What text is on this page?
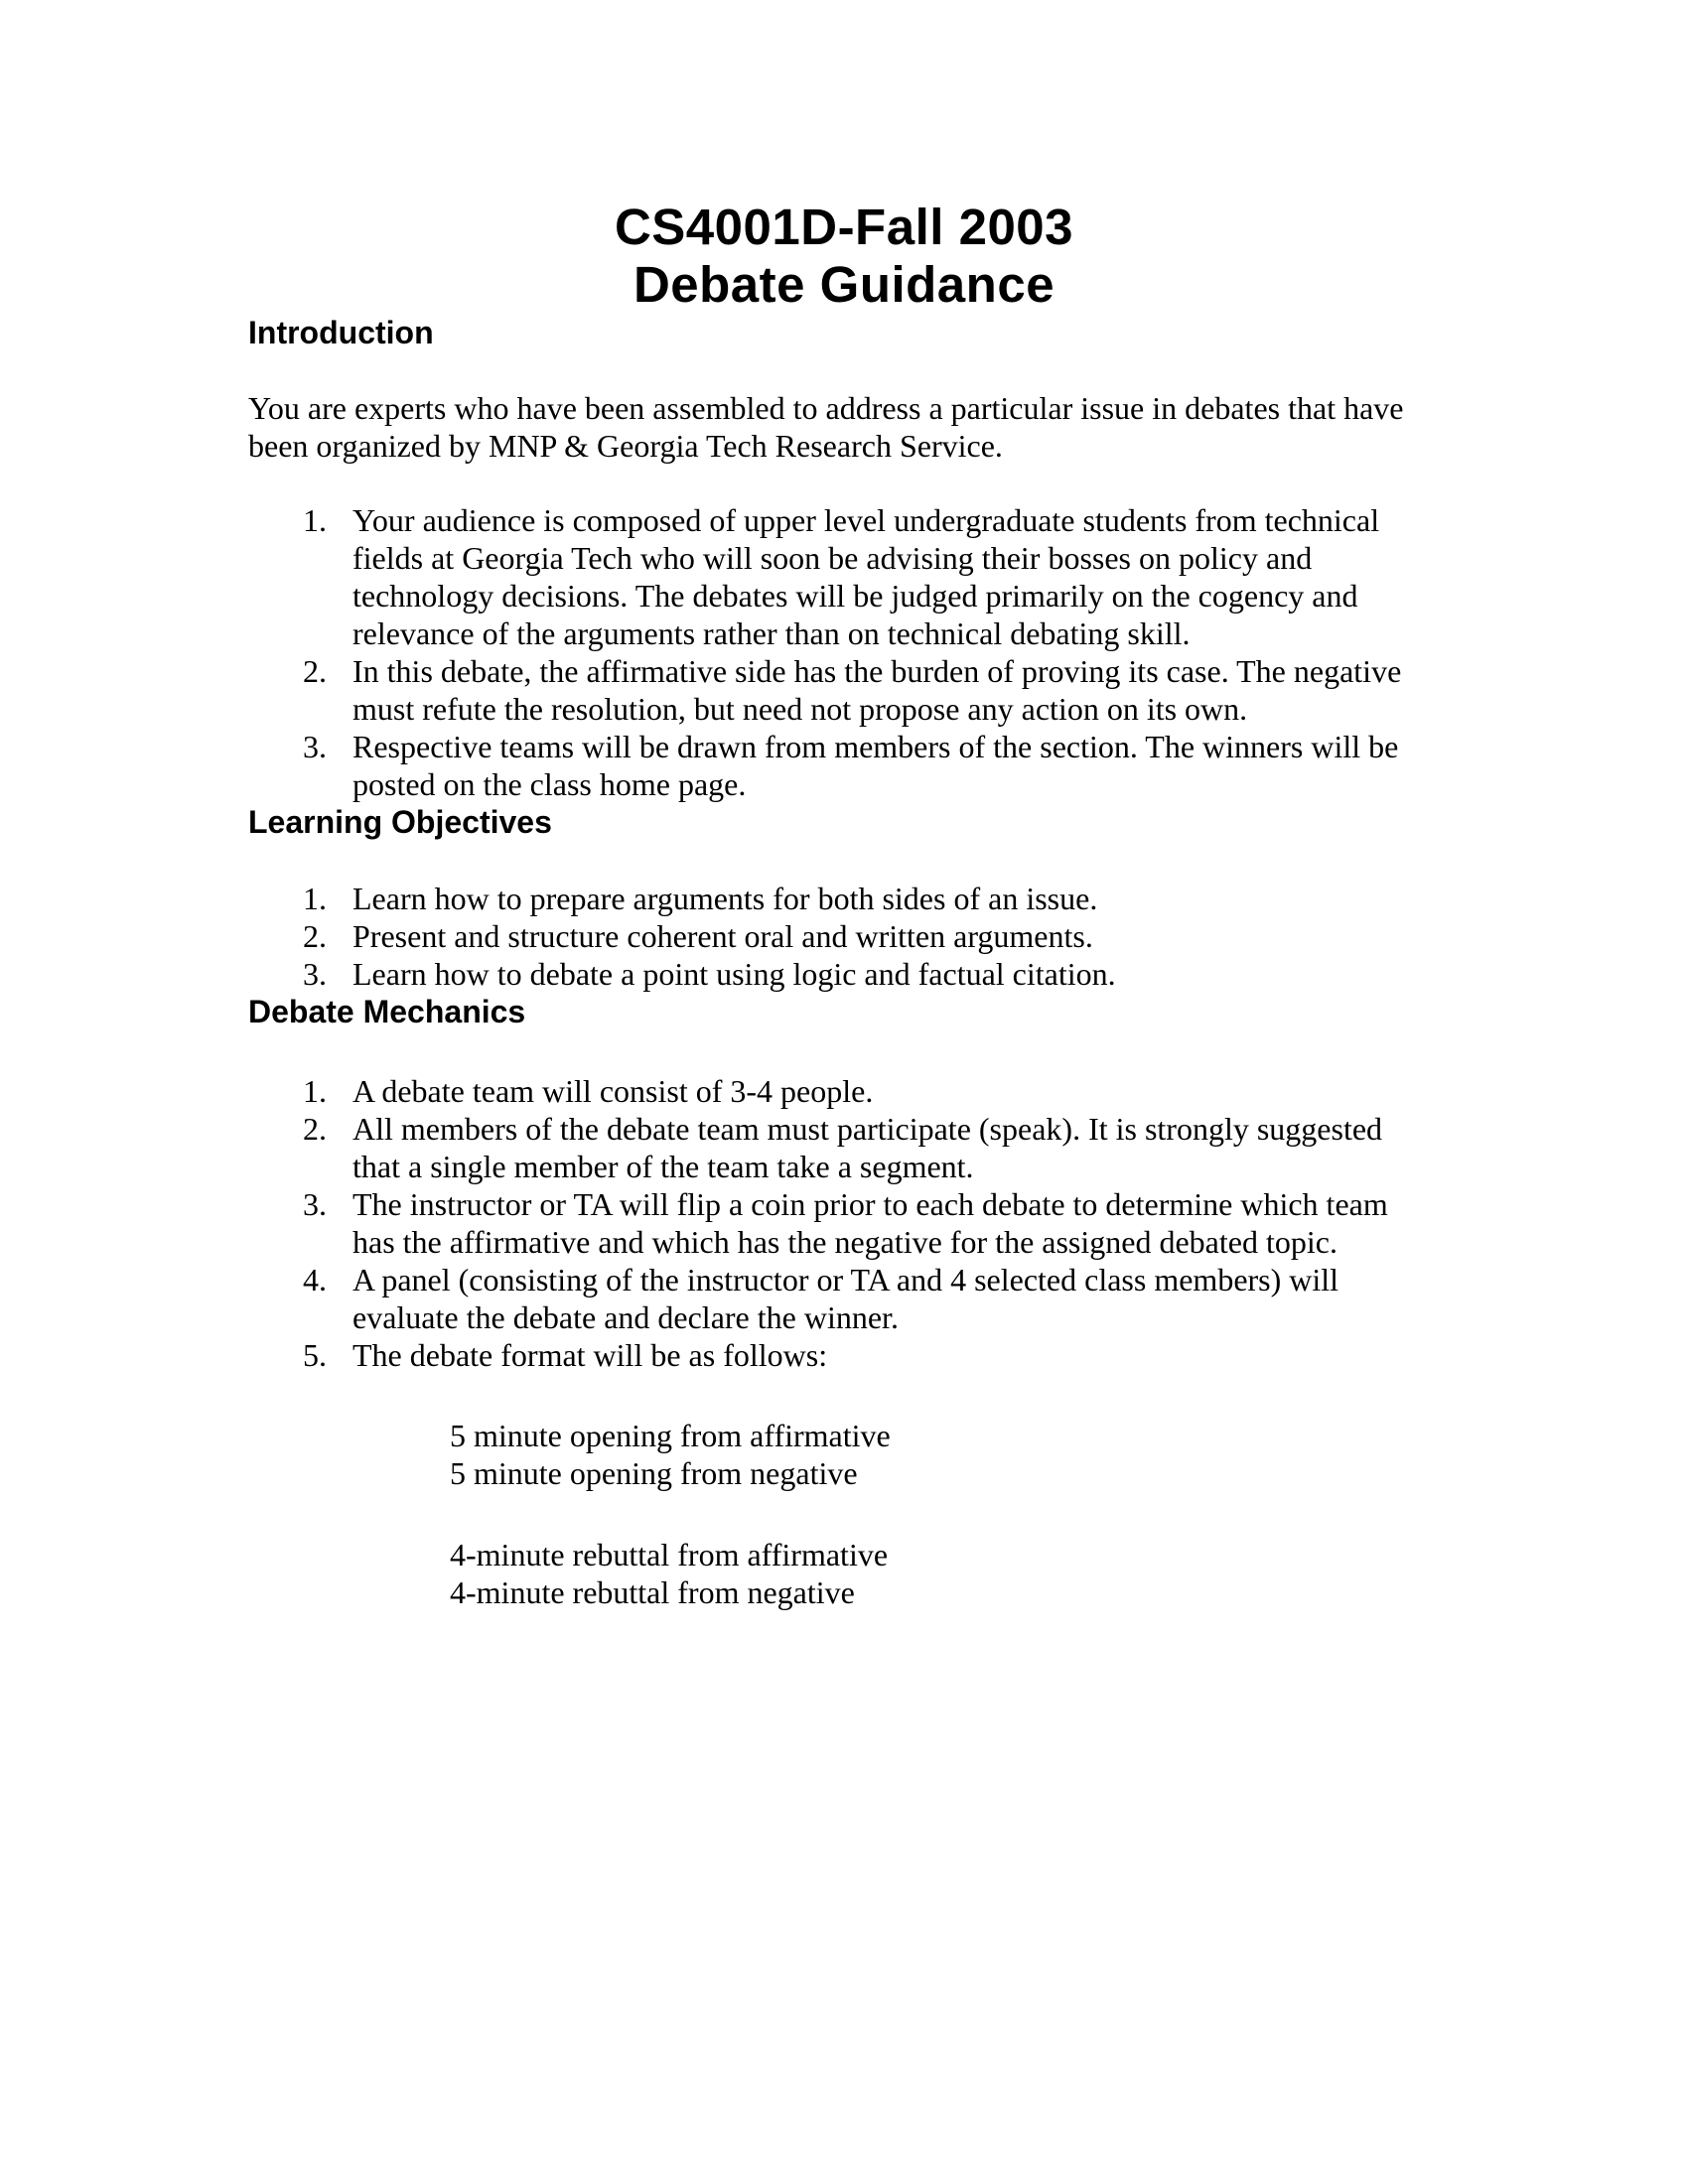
CS4001D-Fall 2003
Debate Guidance
Introduction

You are experts who have been assembled to address a particular issue in debates that have been organized by MNP & Georgia Tech Research Service.

1. Your audience is composed of upper level undergraduate students from technical fields at Georgia Tech who will soon be advising their bosses on policy and technology decisions. The debates will be judged primarily on the cogency and relevance of the arguments rather than on technical debating skill.
2. In this debate, the affirmative side has the burden of proving its case. The negative must refute the resolution, but need not propose any action on its own.
3. Respective teams will be drawn from members of the section. The winners will be posted on the class home page.
Learning Objectives
1. Learn how to prepare arguments for both sides of an issue.
2. Present and structure coherent oral and written arguments.
3. Learn how to debate a point using logic and factual citation.
Debate Mechanics
1. A debate team will consist of 3-4 people.
2. All members of the debate team must participate (speak). It is strongly suggested that a single member of the team take a segment.
3. The instructor or TA will flip a coin prior to each debate to determine which team has the affirmative and which has the negative for the assigned debated topic.
4. A panel (consisting of the instructor or TA and 4 selected class members) will evaluate the debate and declare the winner.
5. The debate format will be as follows:
5 minute opening from affirmative
5 minute opening from negative
4-minute rebuttal from affirmative
4-minute rebuttal from negative
